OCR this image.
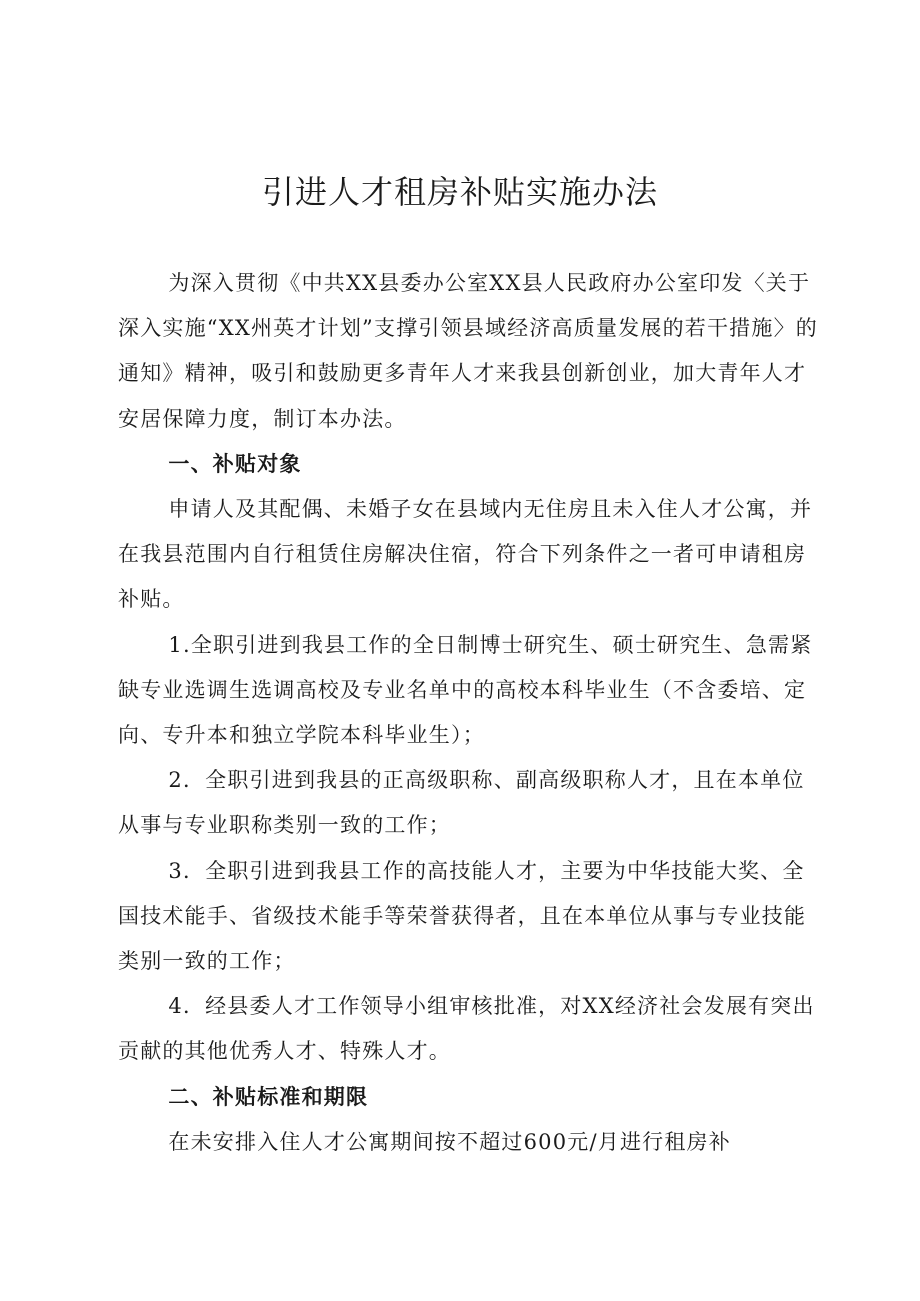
引进人才租房补贴实施办法

为深入贯彻《中共XX县委办公室XX县人民政府办公室印发〈关于深入实施“XX州英才计划”支撑引领县域经济高质量发展的若干措施〉的通知》精神，吸引和鼓励更多青年人才来我县创新创业，加大青年人才安居保障力度，制订本办法。

一、补贴对象

申请人及其配偶、未婚子女在县域内无住房且未入住人才公寓，并在我县范围内自行租赁住房解决住宿，符合下列条件之一者可申请租房补贴。

1.全职引进到我县工作的全日制博士研究生、硕士研究生、急需紧缺专业选调生选调高校及专业名单中的高校本科毕业生（不含委培、定向、专升本和独立学院本科毕业生）；

2．全职引进到我县的正高级职称、副高级职称人才，且在本单位从事与专业职称类别一致的工作；

3．全职引进到我县工作的高技能人才，主要为中华技能大奖、全国技术能手、省级技术能手等荣誉获得者，且在本单位从事与专业技能类别一致的工作；

4．经县委人才工作领导小组审核批准，对XX经济社会发展有突出贡献的其他优秀人才、特殊人才。

二、补贴标准和期限

在未安排入住人才公寓期间按不超过600元/月进行租房补
